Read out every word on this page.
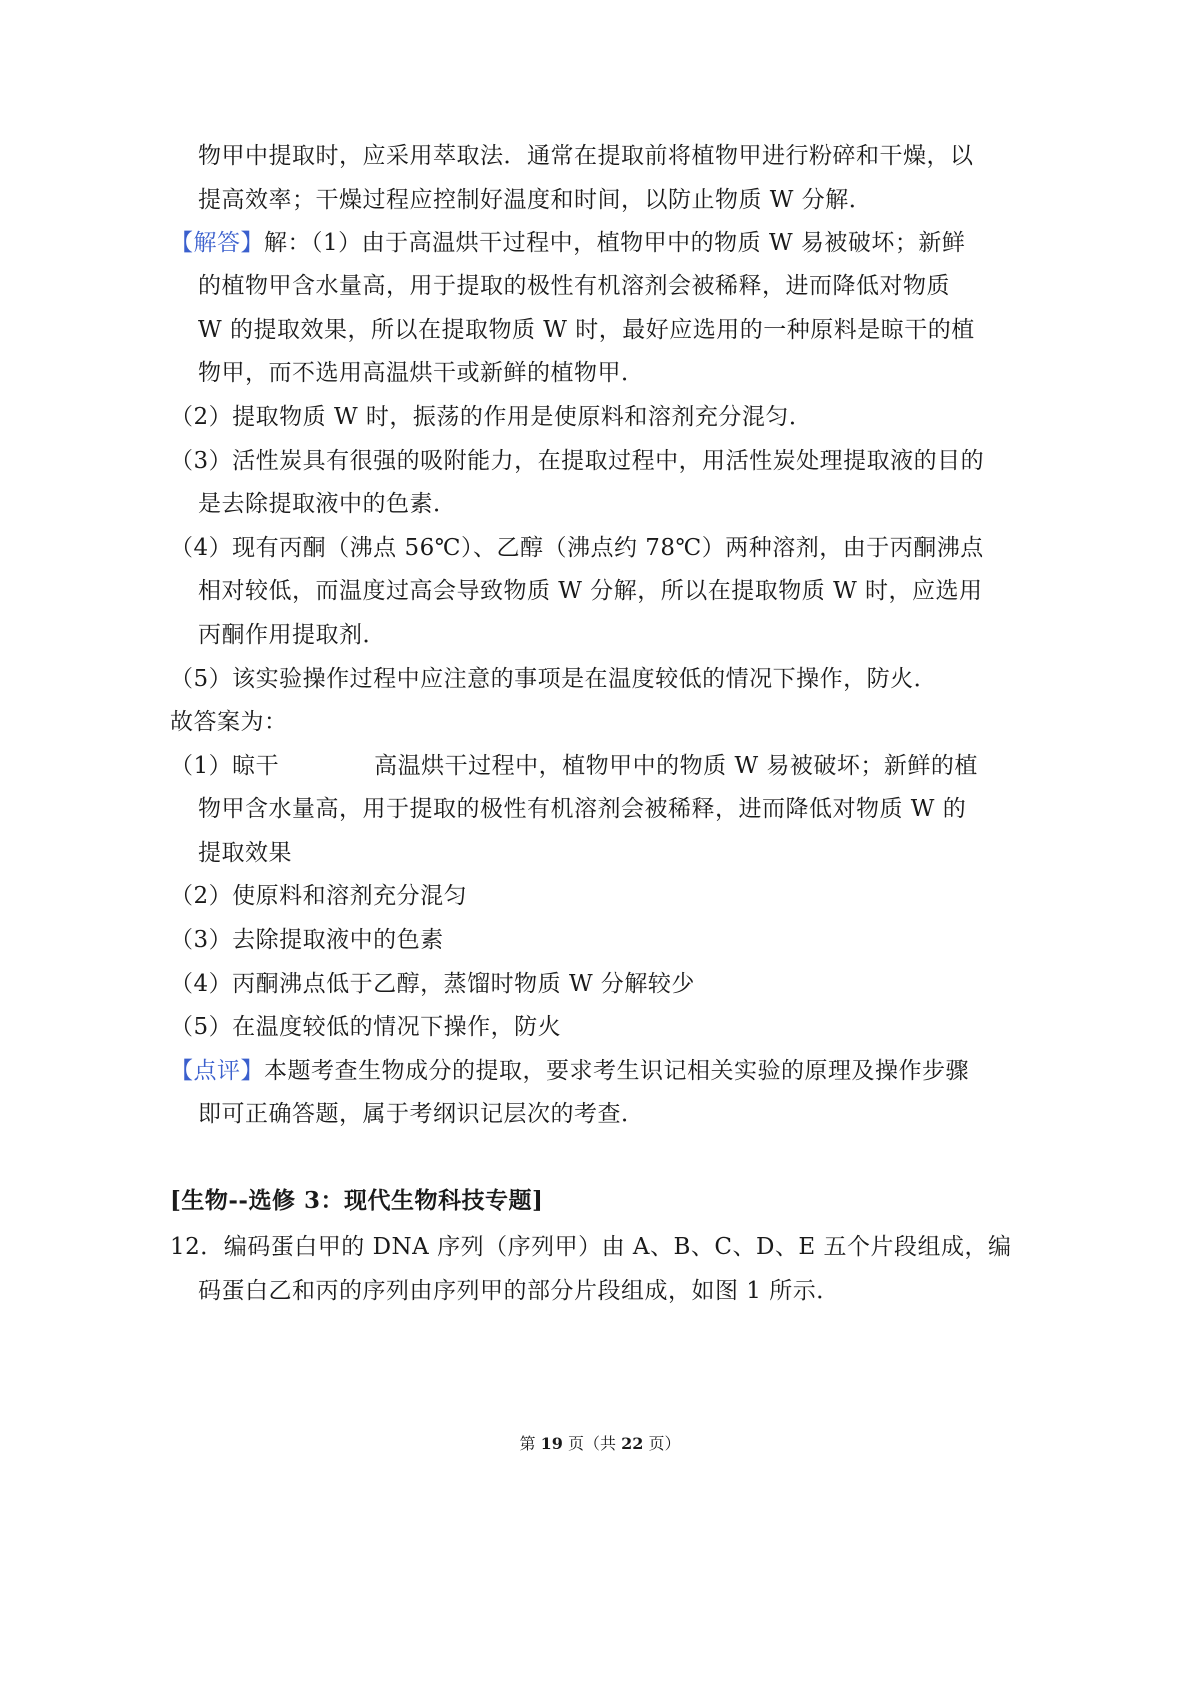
物甲中提取时，应采用萃取法．通常在提取前将植物甲进行粉碎和干燥，以
提高效率；干燥过程应控制好温度和时间，以防止物质 W 分解．
【解答】解：（1）由于高温烘干过程中，植物甲中的物质 W 易被破坏；新鲜
的植物甲含水量高，用于提取的极性有机溶剂会被稀释，进而降低对物质
W 的提取效果，所以在提取物质 W 时，最好应选用的一种原料是晾干的植
物甲，而不选用高温烘干或新鲜的植物甲．
（2）提取物质 W 时，振荡的作用是使原料和溶剂充分混匀．
（3）活性炭具有很强的吸附能力，在提取过程中，用活性炭处理提取液的目的
是去除提取液中的色素．
（4）现有丙酮（沸点 56℃）、乙醇（沸点约 78℃）两种溶剂，由于丙酮沸点
相对较低，而温度过高会导致物质 W 分解，所以在提取物质 W 时，应选用
丙酮作用提取剂．
（5）该实验操作过程中应注意的事项是在温度较低的情况下操作，防火．
故答案为：
（1）晾干	高温烘干过程中，植物甲中的物质 W 易被破坏；新鲜的植
物甲含水量高，用于提取的极性有机溶剂会被稀释，进而降低对物质 W 的
提取效果
（2）使原料和溶剂充分混匀
（3）去除提取液中的色素
（4）丙酮沸点低于乙醇，蒸馏时物质 W 分解较少
（5）在温度较低的情况下操作，防火
【点评】本题考查生物成分的提取，要求考生识记相关实验的原理及操作步骤
即可正确答题，属于考纲识记层次的考查．
[生物--选修 3：现代生物科技专题]
12．编码蛋白甲的 DNA 序列（序列甲）由 A、B、C、D、E 五个片段组成，编
码蛋白乙和丙的序列由序列甲的部分片段组成，如图 1 所示．
第 19 页（共 22 页）
